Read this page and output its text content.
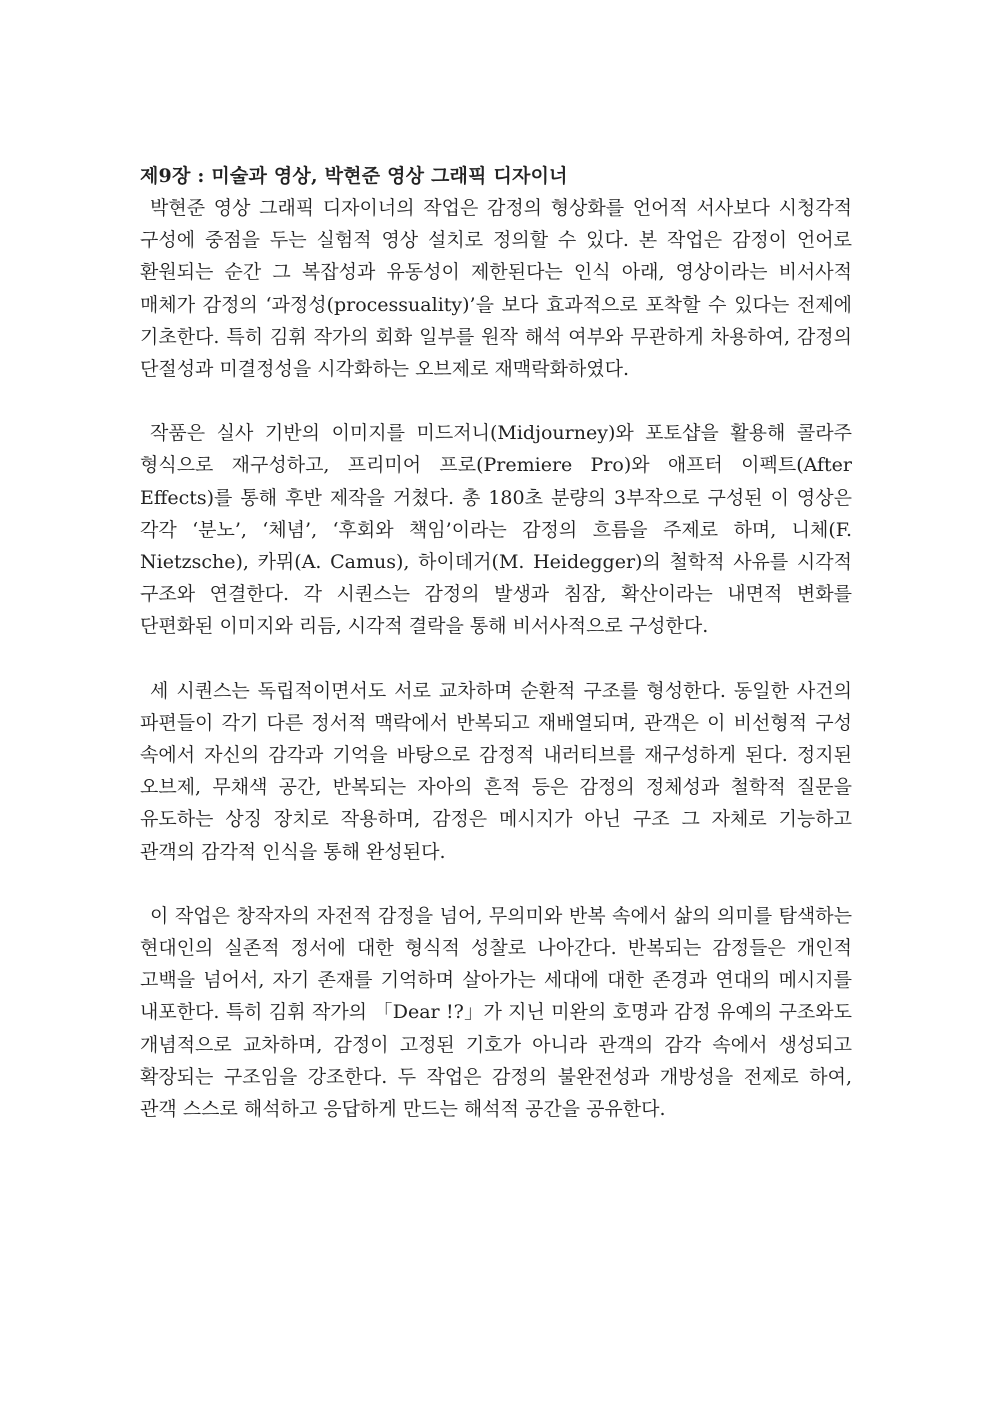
제9장 : 미술과 영상, 박현준 영상 그래픽 디자이너

박현준 영상 그래픽 디자이너의 작업은 감정의 형상화를 언어적 서사보다 시청각적 구성에 중점을 두는 실험적 영상 설치로 정의할 수 있다. 본 작업은 감정이 언어로 환원되는 순간 그 복잡성과 유동성이 제한된다는 인식 아래, 영상이라는 비서사적 매체가 감정의 ‘과정성(processuality)’을 보다 효과적으로 포착할 수 있다는 전제에 기초한다. 특히 김휘 작가의 회화 일부를 원작 해석 여부와 무관하게 차용하여, 감정의 단절성과 미결정성을 시각화하는 오브제로 재맥락화하였다.

작품은 실사 기반의 이미지를 미드저니(Midjourney)와 포토샵을 활용해 콜라주 형식으로 재구성하고, 프리미어 프로(Premiere Pro)와 애프터 이펙트(After Effects)를 통해 후반 제작을 거쳤다. 총 180초 분량의 3부작으로 구성된 이 영상은 각각 ‘분노’, ‘체념’, ‘후회와 책임’이라는 감정의 흐름을 주제로 하며, 니체(F. Nietzsche), 카뮈(A. Camus), 하이데거(M. Heidegger)의 철학적 사유를 시각적 구조와 연결한다. 각 시퀀스는 감정의 발생과 침잠, 확산이라는 내면적 변화를 단편화된 이미지와 리듬, 시각적 결락을 통해 비서사적으로 구성한다.

세 시퀀스는 독립적이면서도 서로 교차하며 순환적 구조를 형성한다. 동일한 사건의 파편들이 각기 다른 정서적 맥락에서 반복되고 재배열되며, 관객은 이 비선형적 구성 속에서 자신의 감각과 기억을 바탕으로 감정적 내러티브를 재구성하게 된다. 정지된 오브제, 무채색 공간, 반복되는 자아의 흔적 등은 감정의 정체성과 철학적 질문을 유도하는 상징 장치로 작용하며, 감정은 메시지가 아닌 구조 그 자체로 기능하고 관객의 감각적 인식을 통해 완성된다.

이 작업은 창작자의 자전적 감정을 넘어, 무의미와 반복 속에서 삶의 의미를 탐색하는 현대인의 실존적 정서에 대한 형식적 성찰로 나아간다. 반복되는 감정들은 개인적 고백을 넘어서, 자기 존재를 기억하며 살아가는 세대에 대한 존경과 연대의 메시지를 내포한다. 특히 김휘 작가의 「Dear !?」가 지닌 미완의 호명과 감정 유예의 구조와도 개념적으로 교차하며, 감정이 고정된 기호가 아니라 관객의 감각 속에서 생성되고 확장되는 구조임을 강조한다. 두 작업은 감정의 불완전성과 개방성을 전제로 하여, 관객 스스로 해석하고 응답하게 만드는 해석적 공간을 공유한다.
